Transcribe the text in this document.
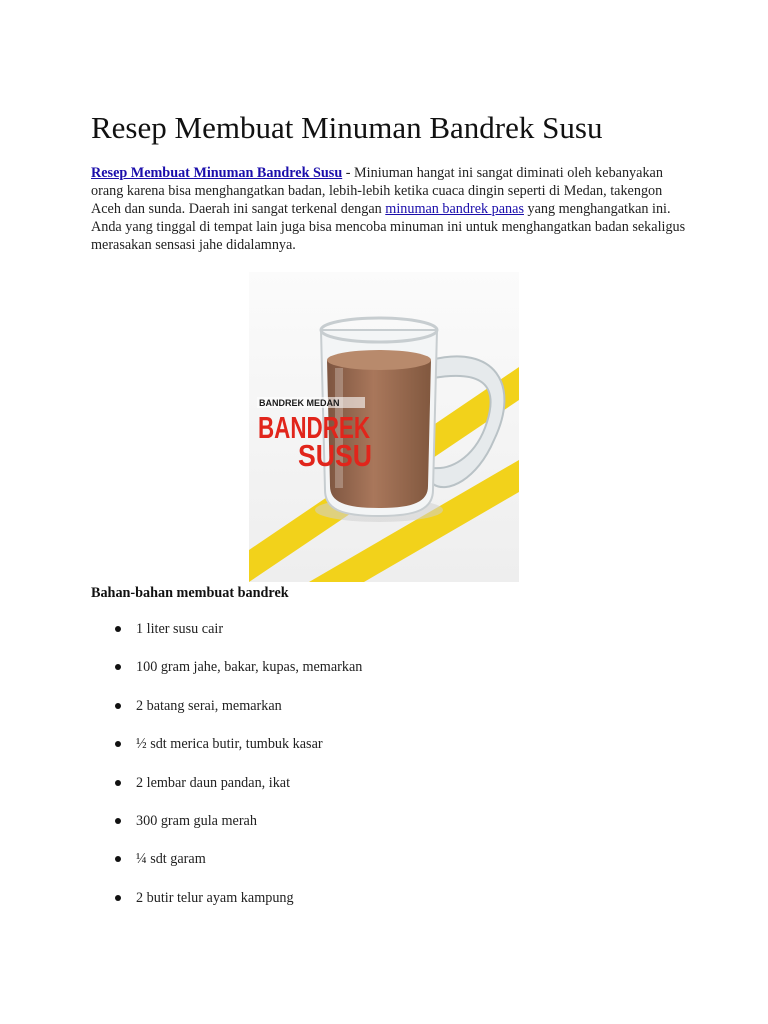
Resep Membuat Minuman Bandrek Susu

Resep Membuat Minuman Bandrek Susu - Miniuman hangat ini sangat diminati oleh kebanyakan orang karena bisa menghangatkan badan, lebih-lebih ketika cuaca dingin seperti di Medan, takengon Aceh dan sunda. Daerah ini sangat terkenal dengan minuman bandrek panas yang menghangatkan ini. Anda yang tinggal di tempat lain juga bisa mencoba minuman ini untuk menghangatkan badan sekaligus merasakan sensasi jahe didalamnya.

BANDREK MEDAN
BANDREK
SUSU

Bahan-bahan membuat bandrek

1 liter susu cair
100 gram jahe, bakar, kupas, memarkan
2 batang serai, memarkan
½ sdt merica butir, tumbuk kasar
2 lembar daun pandan, ikat
300 gram gula merah
¼ sdt garam
2 butir telur ayam kampung
